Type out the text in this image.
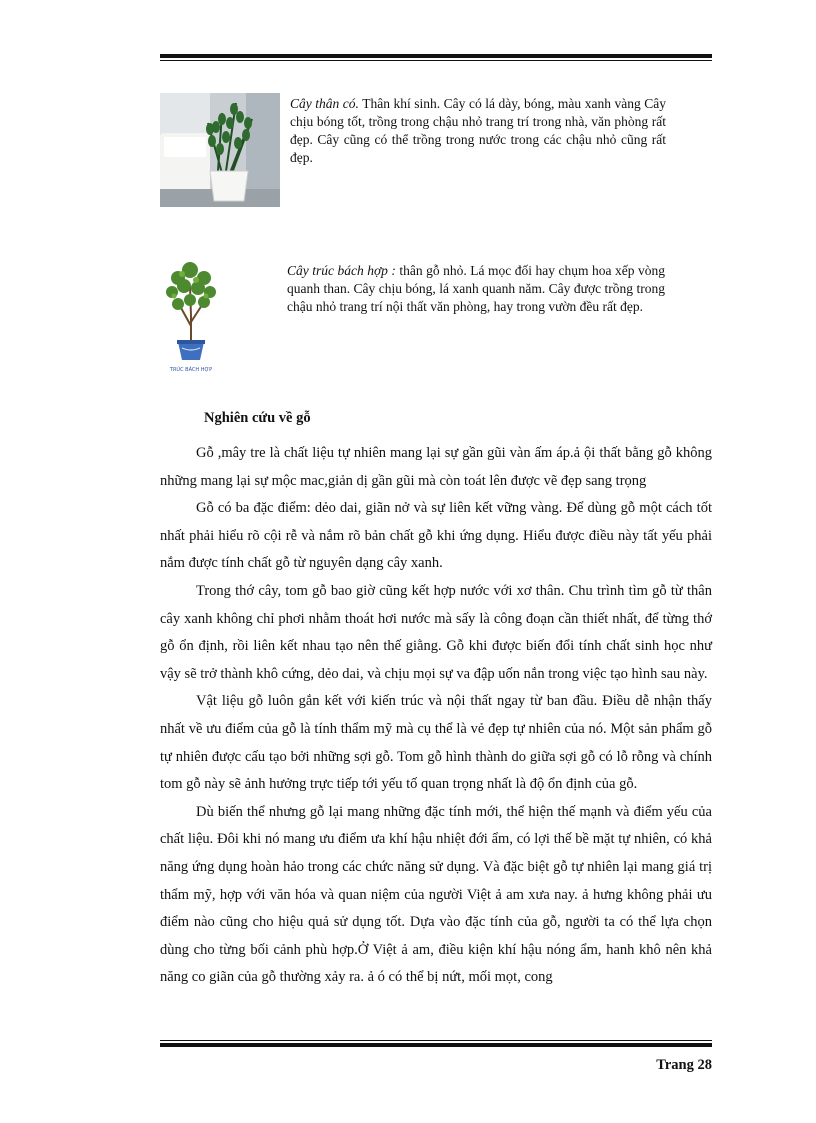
Cây thân có. Thân khí sinh. Cây có lá dày, bóng, màu xanh vàng Cây chịu bóng tốt, trồng trong chậu nhỏ trang trí trong nhà, văn phòng rất đẹp. Cây cũng có thể trồng trong nước trong các chậu nhỏ cũng rất đẹp.
TRÚC BÁCH HỢP
Cây trúc bách hợp : thân gỗ nhỏ. Lá mọc đối hay chụm hoa xếp vòng quanh than. Cây chịu bóng, lá xanh quanh năm. Cây được trồng trong chậu nhỏ trang trí nội thất văn phòng, hay trong vườn đều rất đẹp.
Nghiên cứu về gỗ

Gỗ ,mây tre là chất liệu tự nhiên mang lại sự gần gũi vàn ấm áp.ả ội thất bằng gỗ không những mang lại sự mộc mac,giản dị gần gũi mà còn toát lên được vẽ đẹp sang trọng

Gỗ có ba đặc điểm: dẻo dai, giãn nở và sự liên kết vững vàng. Để dùng gỗ một cách tốt nhất phải hiểu rõ cội rễ và nắm rõ bản chất gỗ khi ứng dụng. Hiểu được điều này tất yếu phải nắm được tính chất gỗ từ nguyên dạng cây xanh.

Trong thớ cây, tom gỗ bao giờ cũng kết hợp nước với xơ thân. Chu trình tìm gỗ từ thân cây xanh không chỉ phơi nhằm thoát hơi nước mà sấy là công đoạn cần thiết nhất, để từng thớ gỗ ổn định, rồi liên kết nhau tạo nên thế giằng. Gỗ khi được biến đổi tính chất sinh học như vậy sẽ trở thành khô cứng, dẻo dai, và chịu mọi sự va đập uốn nắn trong việc tạo hình sau này.

Vật liệu gỗ luôn gắn kết với kiến trúc và nội thất ngay từ ban đầu. Điều dễ nhận thấy nhất về ưu điểm của gỗ là tính thẩm mỹ mà cụ thể là vẻ đẹp tự nhiên của nó. Một sản phẩm gỗ tự nhiên được cấu tạo bởi những sợi gỗ. Tom gỗ hình thành do giữa sợi gỗ có lỗ rỗng và chính tom gỗ này sẽ ảnh hưởng trực tiếp tới yếu tố quan trọng nhất là độ ổn định của gỗ.

Dù biến thể nhưng gỗ lại mang những đặc tính mới, thể hiện thế mạnh và điểm yếu của chất liệu. Đôi khi nó mang ưu điểm ưa khí hậu nhiệt đới ẩm, có lợi thế bề mặt tự nhiên, có khả năng ứng dụng hoàn hảo trong các chức năng sử dụng. Và đặc biệt gỗ tự nhiên lại mang giá trị thẩm mỹ, hợp với văn hóa và quan niệm của người Việt ả am xưa nay. ả hưng không phải ưu điểm nào cũng cho hiệu quả sử dụng tốt. Dựa vào đặc tính của gỗ, người ta có thể lựa chọn dùng cho từng bối cảnh phù hợp.Ở Việt ả am, điều kiện khí hậu nóng ẩm, hanh khô nên khả năng co giãn của gỗ thường xảy ra. ả ó có thể bị nứt, mối mọt, cong

Trang 28
